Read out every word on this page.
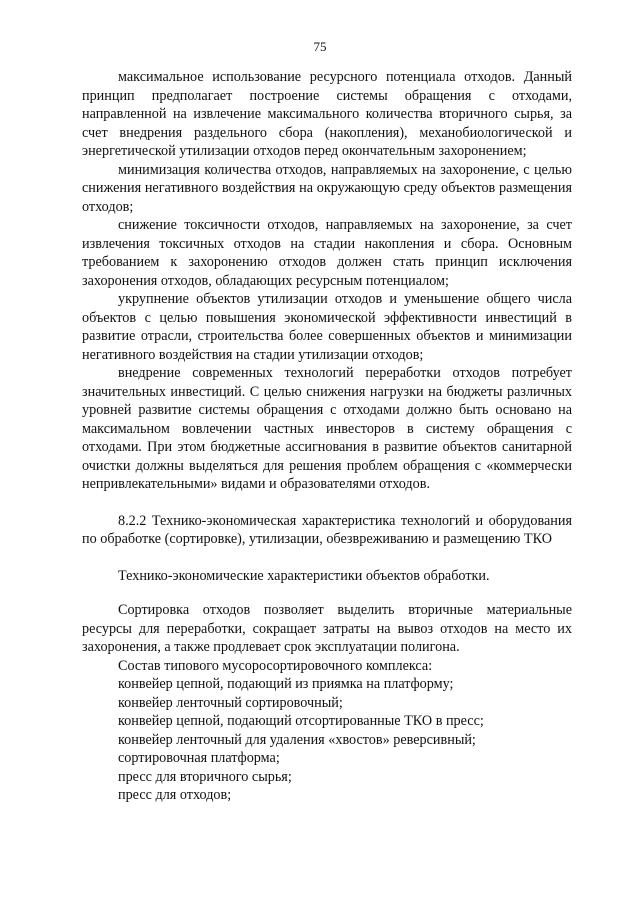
75

максимальное использование ресурсного потенциала отходов. Данный принцип предполагает построение системы обращения с отходами, направленной на извлечение максимального количества вторичного сырья, за счет внедрения раздельного сбора (накопления), механобиологической и энергетической утилизации отходов перед окончательным захоронением;

минимизация количества отходов, направляемых на захоронение, с целью снижения негативного воздействия на окружающую среду объектов размещения отходов;

снижение токсичности отходов, направляемых на захоронение, за счет извлечения токсичных отходов на стадии накопления и сбора. Основным требованием к захоронению отходов должен стать принцип исключения захоронения отходов, обладающих ресурсным потенциалом;

укрупнение объектов утилизации отходов и уменьшение общего числа объектов с целью повышения экономической эффективности инвестиций в развитие отрасли, строительства более совершенных объектов и минимизации негативного воздействия на стадии утилизации отходов;

внедрение современных технологий переработки отходов потребует значительных инвестиций. С целью снижения нагрузки на бюджеты различных уровней развитие системы обращения с отходами должно быть основано на максимальном вовлечении частных инвесторов в систему обращения с отходами. При этом бюджетные ассигнования в развитие объектов санитарной очистки должны выделяться для решения проблем обращения с «коммерчески непривлекательными» видами и образователями отходов.

8.2.2 Технико-экономическая характеристика технологий и оборудования по обработке (сортировке), утилизации, обезвреживанию и размещению ТКО

Технико-экономические характеристики объектов обработки.

Сортировка отходов позволяет выделить вторичные материальные ресурсы для переработки, сокращает затраты на вывоз отходов на место их захоронения, а также продлевает срок эксплуатации полигона.

Состав типового мусоросортировочного комплекса:

конвейер цепной, подающий из приямка на платформу;

конвейер ленточный сортировочный;

конвейер цепной, подающий отсортированные ТКО в пресс;

конвейер ленточный для удаления «хвостов» реверсивный;

сортировочная платформа;

пресс для вторичного сырья;

пресс для отходов;
